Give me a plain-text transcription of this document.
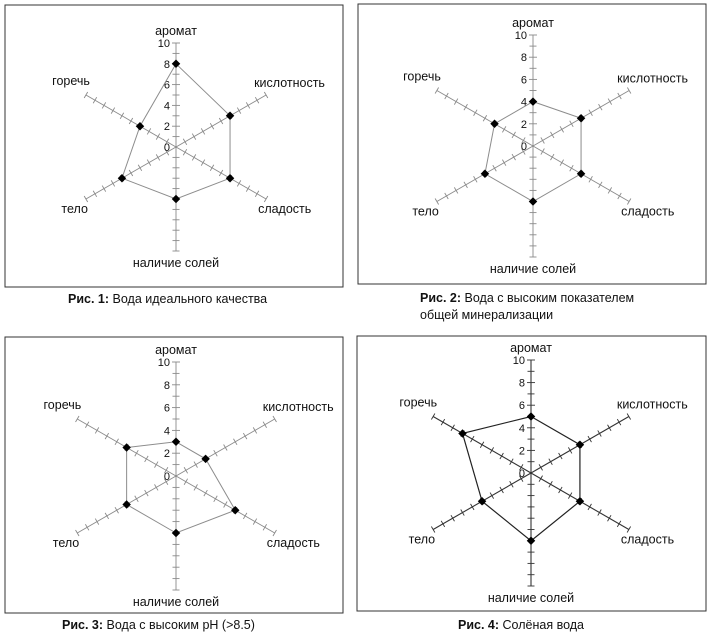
0
2
4
6
8
10
аромат
кислотность
сладость
наличие солей
тело
горечь
0
2
4
6
8
10
аромат
кислотность
сладость
наличие солей
тело
горечь
0
2
4
6
8
10
аромат
кислотность
сладость
наличие солей
тело
горечь
0
2
4
6
8
10
аромат
кислотность
сладость
наличие солей
тело
горечь
Рис. 1: Вода идеального качества	Рис. 2: Вода с высоким показателем
общей минерализации
Рис. 3: Вода с высоким pH (>8.5)	Рис. 4: Солёная вода
